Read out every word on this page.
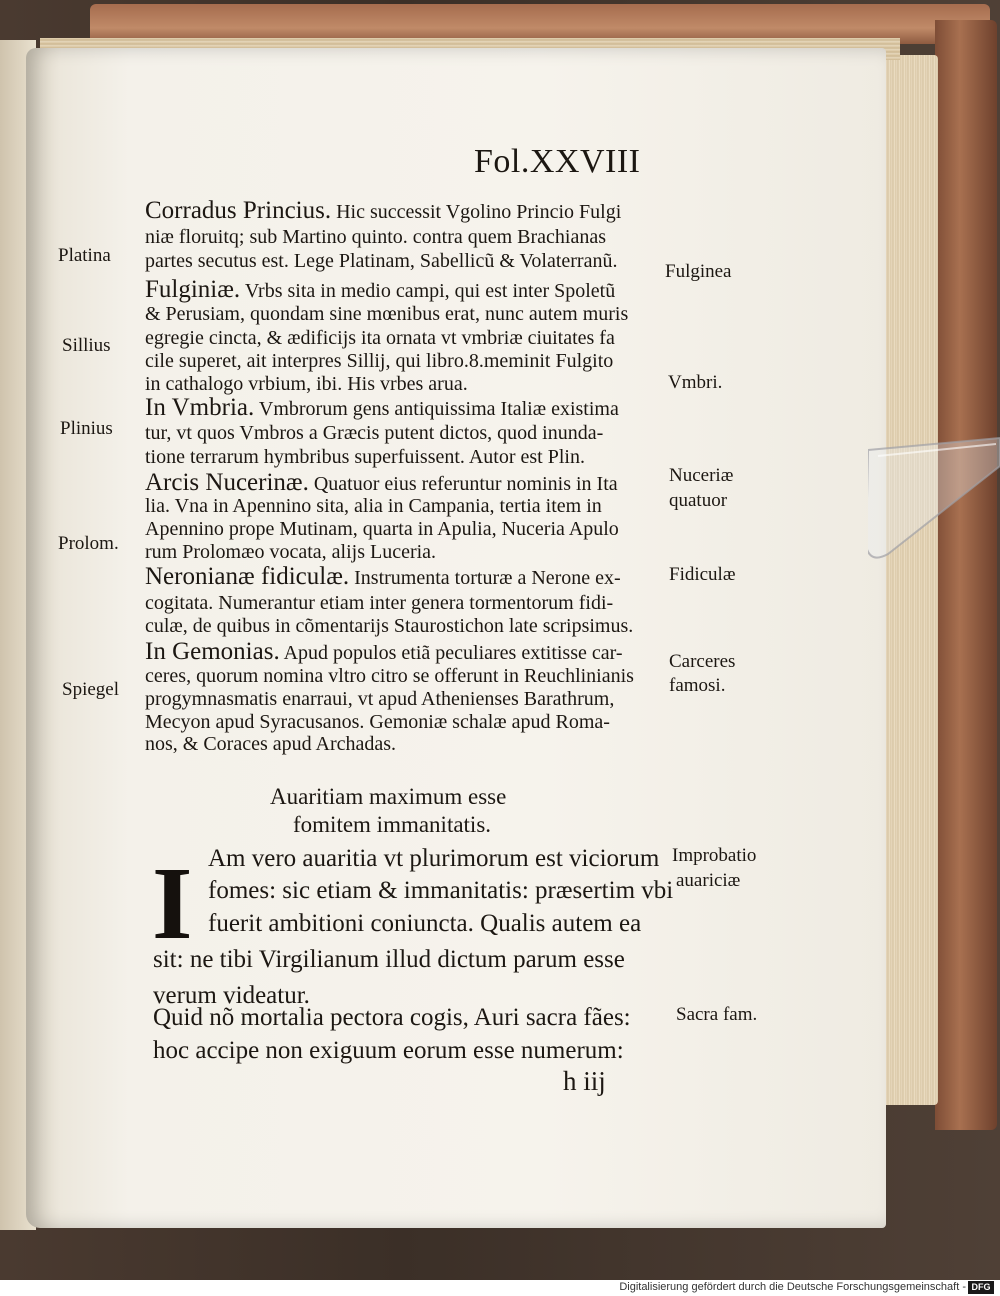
Fol.XXVIII
Platina
Sillius
Plinius
Prolom.
Spiegel
Fulginea
Vmbri.
Nuceriæ
quatuor
Fidiculæ
Carceres
famosi.
Improbatio
auariciæ
Sacra fam.
Corradus Princius. Hic successit Vgolino Princio Fulgi
niæ floruitq; sub Martino quinto. contra quem Brachianas
partes secutus est. Lege Platinam, Sabellicũ & Volaterranũ.
Fulginiæ. Vrbs sita in medio campi, qui est inter Spoletũ
& Perusiam, quondam sine mœnibus erat, nunc autem muris
egregie cincta, & ædificijs ita ornata vt vmbriæ ciuitates fa
cile superet, ait interpres Sillij, qui libro.8.meminit Fulgito
in cathalogo vrbium, ibi. His vrbes arua.
In Vmbria. Vmbrorum gens antiquissima Italiæ existima
tur, vt quos Vmbros a Græcis putent dictos, quod inunda-
tione terrarum hymbribus superfuissent. Autor est Plin.
Arcis Nucerinæ. Quatuor eius referuntur nominis in Ita
lia. Vna in Apennino sita, alia in Campania, tertia item in
Apennino prope Mutinam, quarta in Apulia, Nuceria Apulo
rum Prolomæo vocata, alijs Luceria.
Neronianæ fidiculæ. Instrumenta torturæ a Nerone ex-
cogitata. Numerantur etiam inter genera tormentorum fidi-
culæ, de quibus in cõmentarijs Staurostichon late scripsimus.
In Gemonias. Apud populos etiã peculiares extitisse car-
ceres, quorum nomina vltro citro se offerunt in Reuchlinianis
progymnasmatis enarraui, vt apud Athenienses Barathrum,
Mecyon apud Syracusanos. Gemoniæ schalæ apud Roma-
nos, & Coraces apud Archadas.
Auaritiam maximum esse
fomitem immanitatis.
I Am vero auaritia vt plurimorum est viciorum
fomes: sic etiam & immanitatis: præsertim vbi
fuerit ambitioni coniuncta. Qualis autem ea
sit: ne tibi Virgilianum illud dictum parum esse
verum videatur.
Quid nõ mortalia pectora cogis, Auri sacra fães:
hoc accipe non exiguum eorum esse numerum:
h iij
Digitalisierung gefördert durch die Deutsche Forschungsgemeinschaft - DFG
